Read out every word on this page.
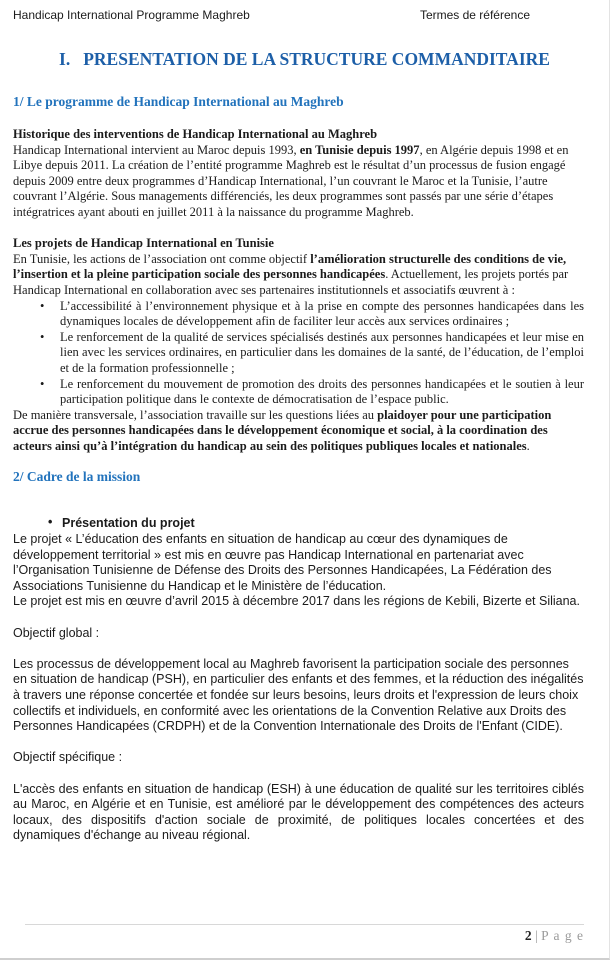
Handicap International Programme Maghreb	Termes de référence
I. PRESENTATION DE LA STRUCTURE COMMANDITAIRE
1/ Le programme de Handicap International au Maghreb

Historique des interventions de Handicap International au Maghreb

Handicap International intervient au Maroc depuis 1993, en Tunisie depuis 1997, en Algérie depuis 1998 et en Libye depuis 2011. La création de l’entité programme Maghreb est le résultat d’un processus de fusion engagé depuis 2009 entre deux programmes d’Handicap International, l’un couvrant le Maroc et la Tunisie, l’autre couvrant l’Algérie. Sous managements différenciés, les deux programmes sont passés par une série d’étapes intégratrices ayant abouti en juillet 2011 à la naissance du programme Maghreb.

Les projets de Handicap International en Tunisie

En Tunisie, les actions de l’association ont comme objectif l’amélioration structurelle des conditions de vie, l’insertion et la pleine participation sociale des personnes handicapées. Actuellement, les projets portés par Handicap International en collaboration avec ses partenaires institutionnels et associatifs œuvrent à :

• L’accessibilité à l’environnement physique et à la prise en compte des personnes handicapées dans les dynamiques locales de développement afin de faciliter leur accès aux services ordinaires ;
• Le renforcement de la qualité de services spécialisés destinés aux personnes handicapées et leur mise en lien avec les services ordinaires, en particulier dans les domaines de la santé, de l’éducation, de l’emploi et de la formation professionnelle ;
• Le renforcement du mouvement de promotion des droits des personnes handicapées et le soutien à leur participation politique dans le contexte de démocratisation de l’espace public.

De manière transversale, l’association travaille sur les questions liées au plaidoyer pour une participation accrue des personnes handicapées dans le développement économique et social, à la coordination des acteurs ainsi qu’à l’intégration du handicap au sein des politiques publiques locales et nationales.

2/ Cadre de la mission

• Présentation du projet

Le projet « L’éducation des enfants en situation de handicap au cœur des dynamiques de développement territorial » est mis en œuvre pas Handicap International en partenariat avec l’Organisation Tunisienne de Défense des Droits des Personnes Handicapées, La Fédération des Associations Tunisienne du Handicap et le Ministère de l’éducation.

Le projet est mis en œuvre d’avril 2015 à décembre 2017 dans les régions de Kebili, Bizerte et Siliana.

Objectif global :

Les processus de développement local au Maghreb favorisent la participation sociale des personnes en situation de handicap (PSH), en particulier des enfants et des femmes, et la réduction des inégalités à travers une réponse concertée et fondée sur leurs besoins, leurs droits et l'expression de leurs choix collectifs et individuels, en conformité avec les orientations de la Convention Relative aux Droits des Personnes Handicapées (CRDPH) et de la Convention Internationale des Droits de l'Enfant (CIDE).

Objectif spécifique :

L'accès des enfants en situation de handicap (ESH) à une éducation de qualité sur les territoires ciblés au Maroc, en Algérie et en Tunisie, est amélioré par le développement des compétences des acteurs locaux, des dispositifs d'action sociale de proximité, de politiques locales concertées et des dynamiques d'échange au niveau régional.

2 | P a g e
